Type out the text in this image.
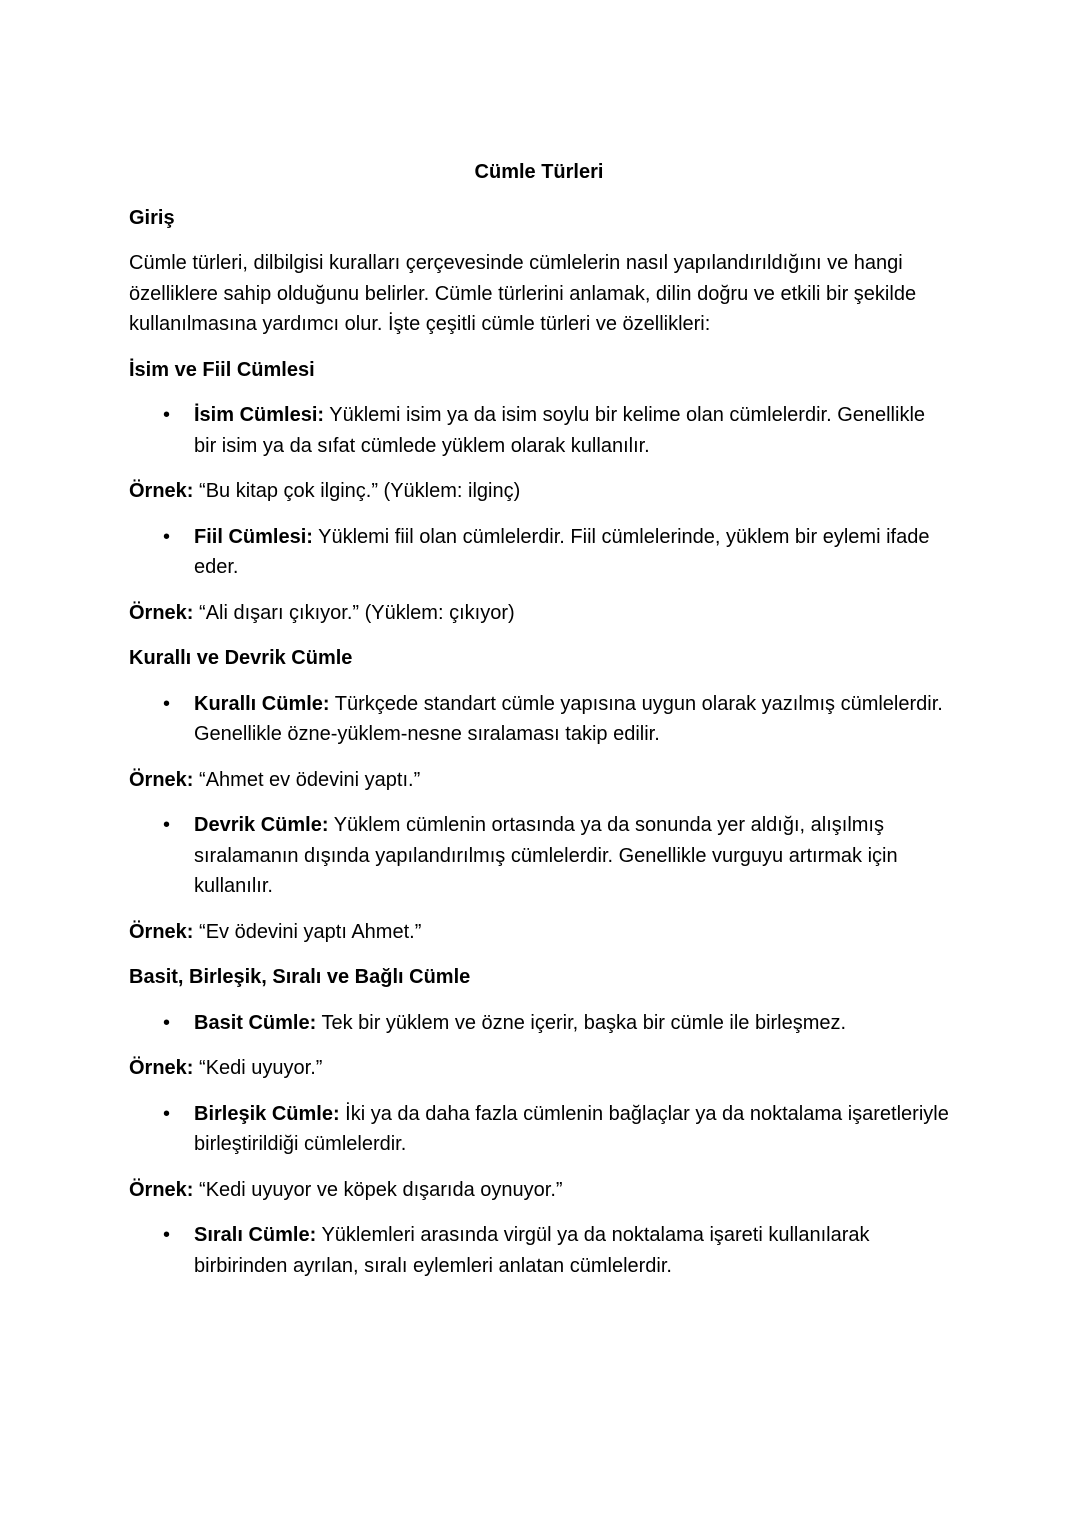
Cümle Türleri
Giriş
Cümle türleri, dilbilgisi kuralları çerçevesinde cümlelerin nasıl yapılandırıldığını ve hangi özelliklere sahip olduğunu belirler. Cümle türlerini anlamak, dilin doğru ve etkili bir şekilde kullanılmasına yardımcı olur. İşte çeşitli cümle türleri ve özellikleri:
İsim ve Fiil Cümlesi
• İsim Cümlesi: Yüklemi isim ya da isim soylu bir kelime olan cümlelerdir. Genellikle bir isim ya da sıfat cümlede yüklem olarak kullanılır.
Örnek: “Bu kitap çok ilginç.” (Yüklem: ilginç)
• Fiil Cümlesi: Yüklemi fiil olan cümlelerdir. Fiil cümlelerinde, yüklem bir eylemi ifade eder.
Örnek: “Ali dışarı çıkıyor.” (Yüklem: çıkıyor)
Kurallı ve Devrik Cümle
• Kurallı Cümle: Türkçede standart cümle yapısına uygun olarak yazılmış cümlelerdir. Genellikle özne-yüklem-nesne sıralaması takip edilir.
Örnek: “Ahmet ev ödevini yaptı.”
• Devrik Cümle: Yüklem cümlenin ortasında ya da sonunda yer aldığı, alışılmış sıralamanın dışında yapılandırılmış cümlelerdir. Genellikle vurguyu artırmak için kullanılır.
Örnek: “Ev ödevini yaptı Ahmet.”
Basit, Birleşik, Sıralı ve Bağlı Cümle
• Basit Cümle: Tek bir yüklem ve özne içerir, başka bir cümle ile birleşmez.
Örnek: “Kedi uyuyor.”
• Birleşik Cümle: İki ya da daha fazla cümlenin bağlaçlar ya da noktalama işaretleriyle birleştirildiği cümlelerdir.
Örnek: “Kedi uyuyor ve köpek dışarıda oynuyor.”
• Sıralı Cümle: Yüklemleri arasında virgül ya da noktalama işareti kullanılarak birbirinden ayrılan, sıralı eylemleri anlatan cümlelerdir.
